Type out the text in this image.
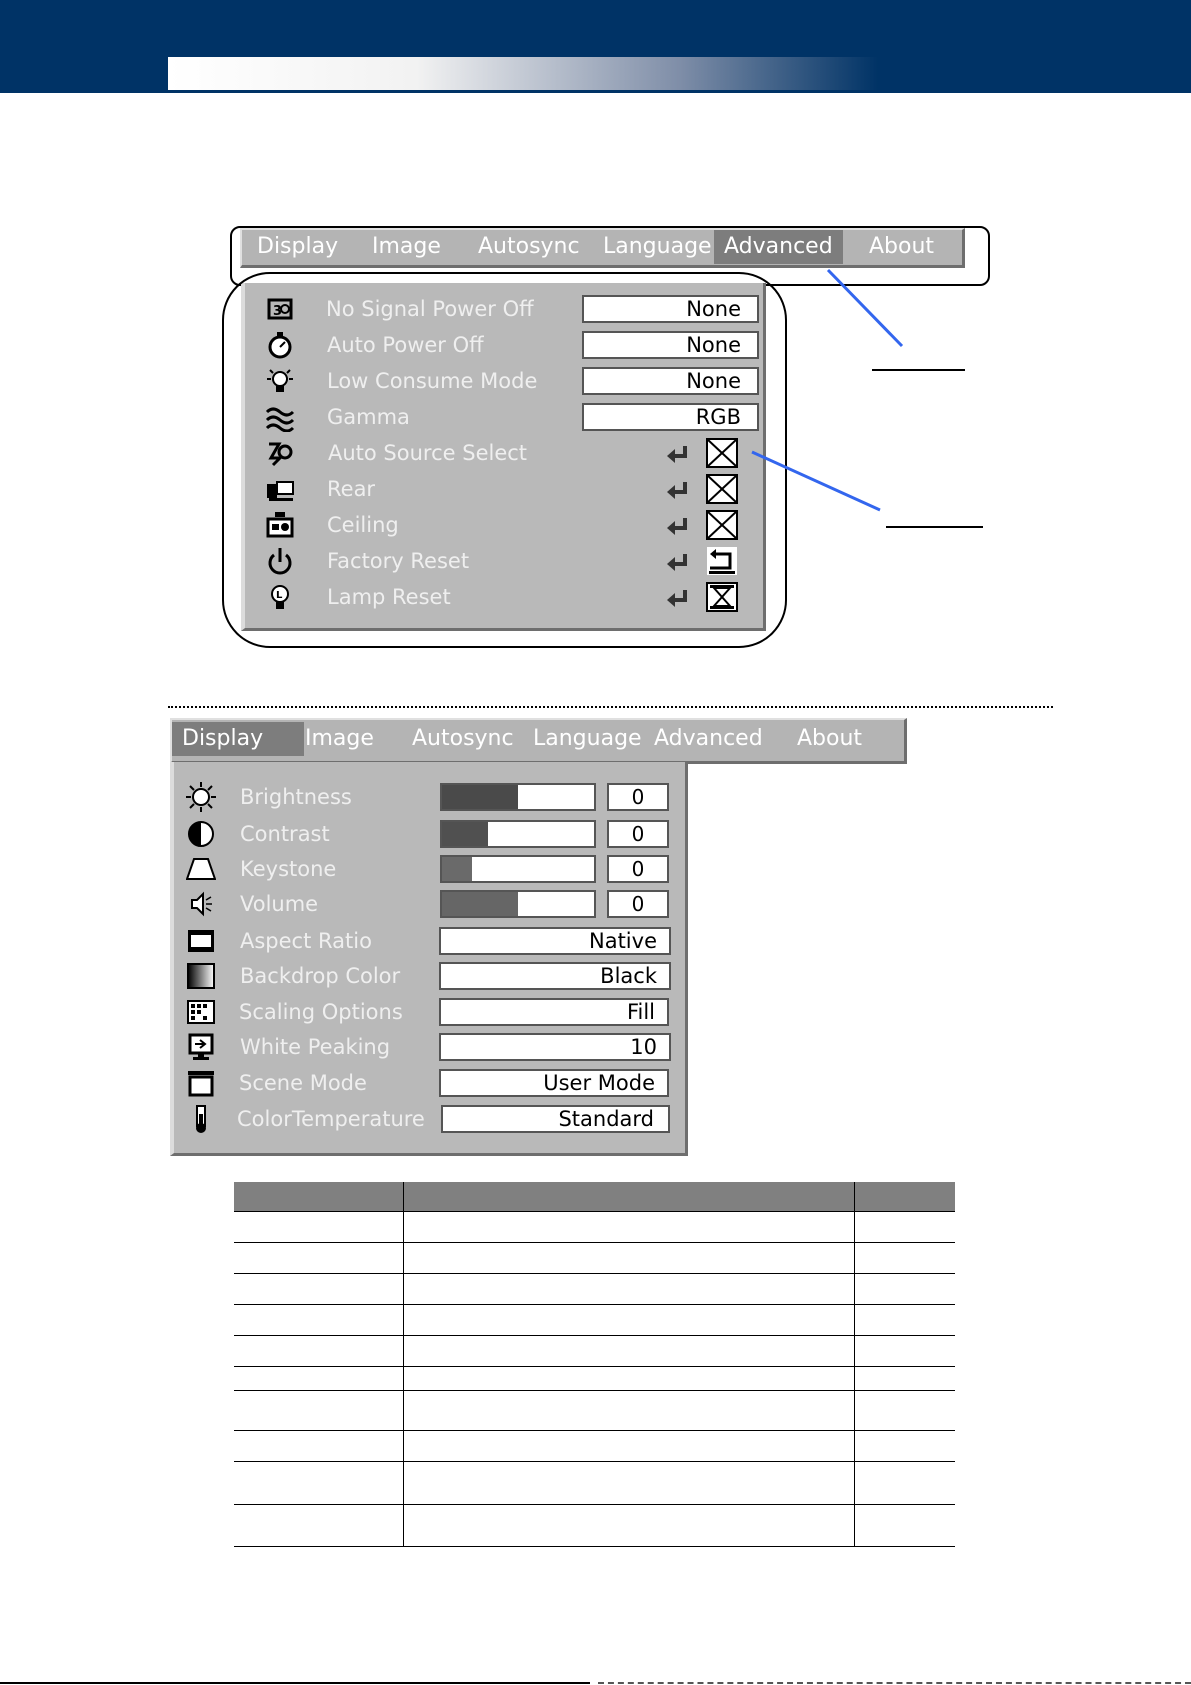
Display Image Autosync Language Advanced	About
3 No Signal Power Off	None
Auto Power Off	None
Low Consume Mode	None
Gamma	RGB
Auto Source Select
Rear
Ceiling
Factory Reset
L Lamp Reset
Display	Image Autosync Language Advanced About
Brightness	0
Contrast	0
Keystone	0
Volume	0
Aspect Ratio	Native
Backdrop Color	Black
Scaling Options	Fill
White Peaking	10
Scene Mode	User Mode
ColorTemperature	Standard
